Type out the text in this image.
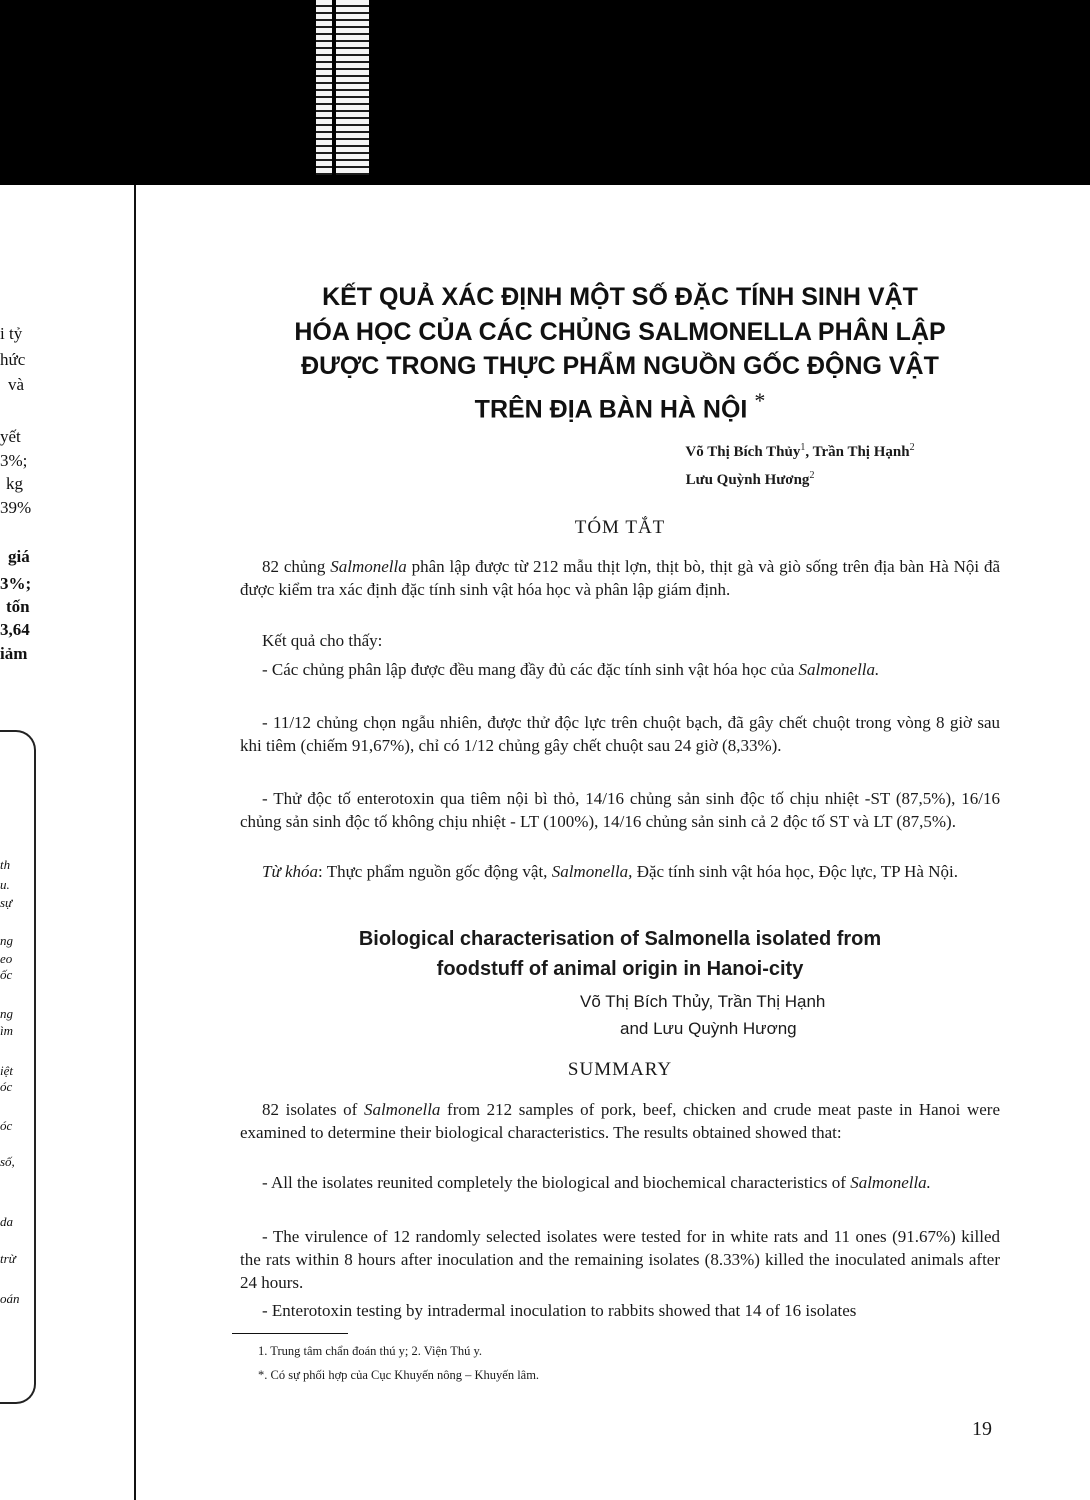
i tỷ
hức
và
yết
3%;
kg
39%
giá
3%;
tốn
3,64
iảm
th
u.
sự
ng
eo
ốc
ng
ìm
iệt
óc
óc
số,
da
trừ
oán
KẾT QUẢ XÁC ĐỊNH MỘT SỐ ĐẶC TÍNH SINH VẬT
HÓA HỌC CỦA CÁC CHỦNG SALMONELLA PHÂN LẬP
ĐƯỢC TRONG THỰC PHẨM NGUỒN GỐC ĐỘNG VẬT
TRÊN ĐỊA BÀN HÀ NỘI *
Võ Thị Bích Thủy$^1$, Trần Thị Hạnh$^2$
Lưu Quỳnh Hương$^2$
TÓM TẮT

82 chủng Salmonella phân lập được từ 212 mẫu thịt lợn, thịt bò, thịt gà và giò sống trên địa bàn Hà Nội đã được kiểm tra xác định đặc tính sinh vật hóa học và phân lập giám định.

Kết quả cho thấy:

- Các chủng phân lập được đều mang đầy đủ các đặc tính sinh vật hóa học của Salmonella.

- 11/12 chủng chọn ngẫu nhiên, được thử độc lực trên chuột bạch, đã gây chết chuột trong vòng 8 giờ sau khi tiêm (chiếm 91,67%), chỉ có 1/12 chủng gây chết chuột sau 24 giờ (8,33%).

- Thử độc tố enterotoxin qua tiêm nội bì thỏ, 14/16 chủng sản sinh độc tố chịu nhiệt -ST (87,5%), 16/16 chủng sản sinh độc tố không chịu nhiệt - LT (100%), 14/16 chủng sản sinh cả 2 độc tố ST và LT (87,5%).

Từ khóa: Thực phẩm nguồn gốc động vật, Salmonella, Đặc tính sinh vật hóa học, Độc lực, TP Hà Nội.

Biological characterisation of Salmonella isolated from
foodstuff of animal origin in Hanoi-city
Võ Thị Bích Thủy, Trần Thị Hạnh
and Lưu Quỳnh Hương
SUMMARY

82 isolates of Salmonella from 212 samples of pork, beef, chicken and crude meat paste in Hanoi were examined to determine their biological characteristics. The results obtained showed that:

- All the isolates reunited completely the biological and biochemical characteristics of Salmonella.

- The virulence of 12 randomly selected isolates were tested for in white rats and 11 ones (91.67%) killed the rats within 8 hours after inoculation and the remaining isolates (8.33%) killed the inoculated animals after 24 hours.

- Enterotoxin testing by intradermal inoculation to rabbits showed that 14 of 16 isolates

1. Trung tâm chẩn đoán thú y; 2. Viện Thú y.
*. Có sự phối hợp của Cục Khuyến nông – Khuyến lâm.
19
